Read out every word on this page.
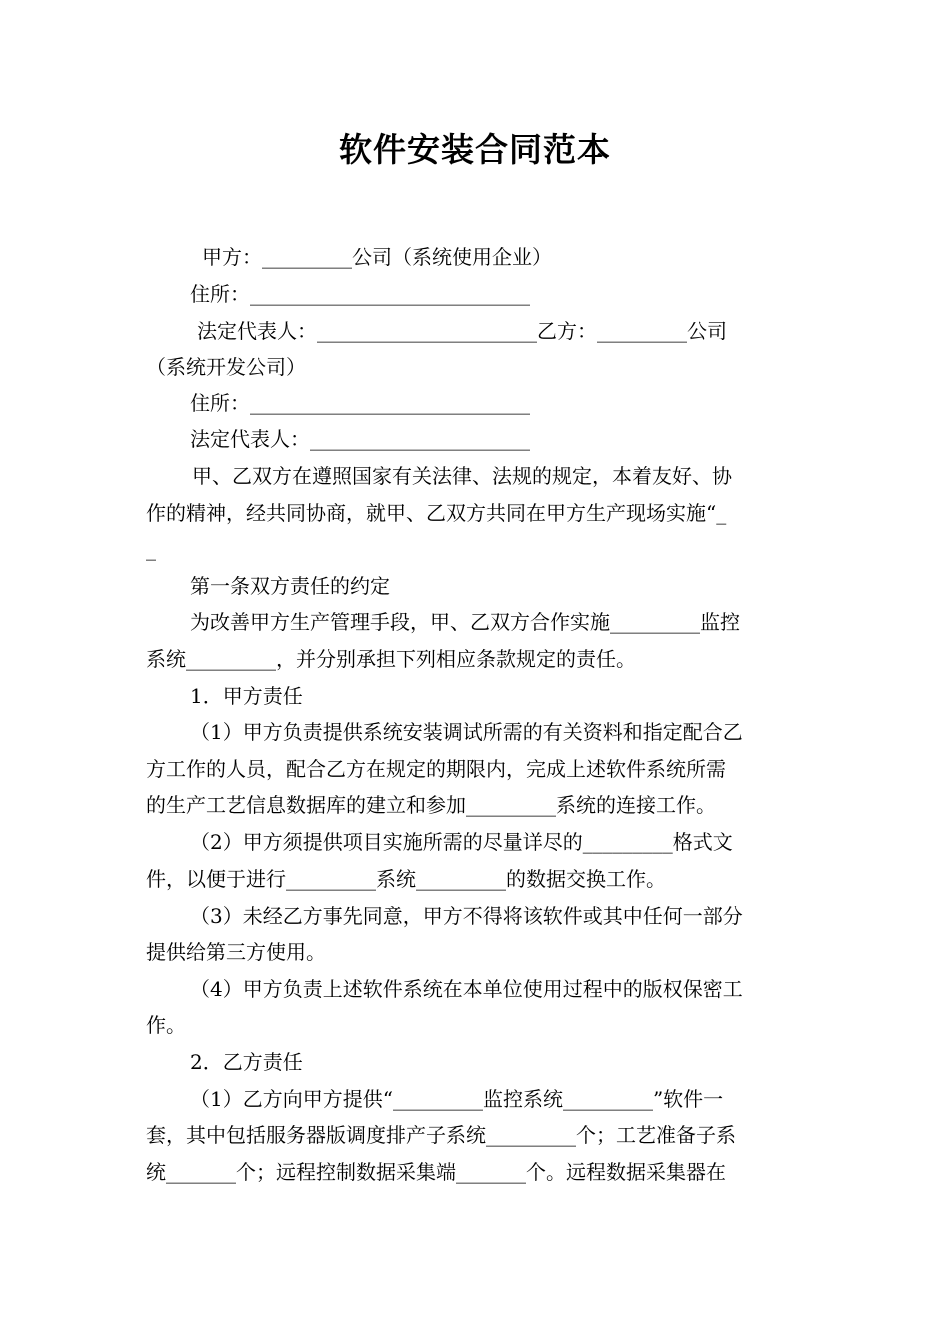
软件安装合同范本
甲方：_________公司（系统使用企业）
住所：____________________________
法定代表人：______________________乙方：_________公司
（系统开发公司）
住所：____________________________
法定代表人：______________________
甲、乙双方在遵照国家有关法律、法规的规定，本着友好、协
作的精神，经共同协商，就甲、乙双方共同在甲方生产现场实施“_
_
第一条双方责任的约定
为改善甲方生产管理手段，甲、乙双方合作实施_________监控
系统_________，并分别承担下列相应条款规定的责任。
1．甲方责任
（1）甲方负责提供系统安装调试所需的有关资料和指定配合乙
方工作的人员，配合乙方在规定的期限内，完成上述软件系统所需
的生产工艺信息数据库的建立和参加_________系统的连接工作。
（2）甲方须提供项目实施所需的尽量详尽的_________格式文
件，以便于进行_________系统_________的数据交换工作。
（3）未经乙方事先同意，甲方不得将该软件或其中任何一部分
提供给第三方使用。
（4）甲方负责上述软件系统在本单位使用过程中的版权保密工
作。
2．乙方责任
（1）乙方向甲方提供“_________监控系统_________”软件一
套，其中包括服务器版调度排产子系统_________个；工艺准备子系
统_______个；远程控制数据采集端_______个。远程数据采集器在
